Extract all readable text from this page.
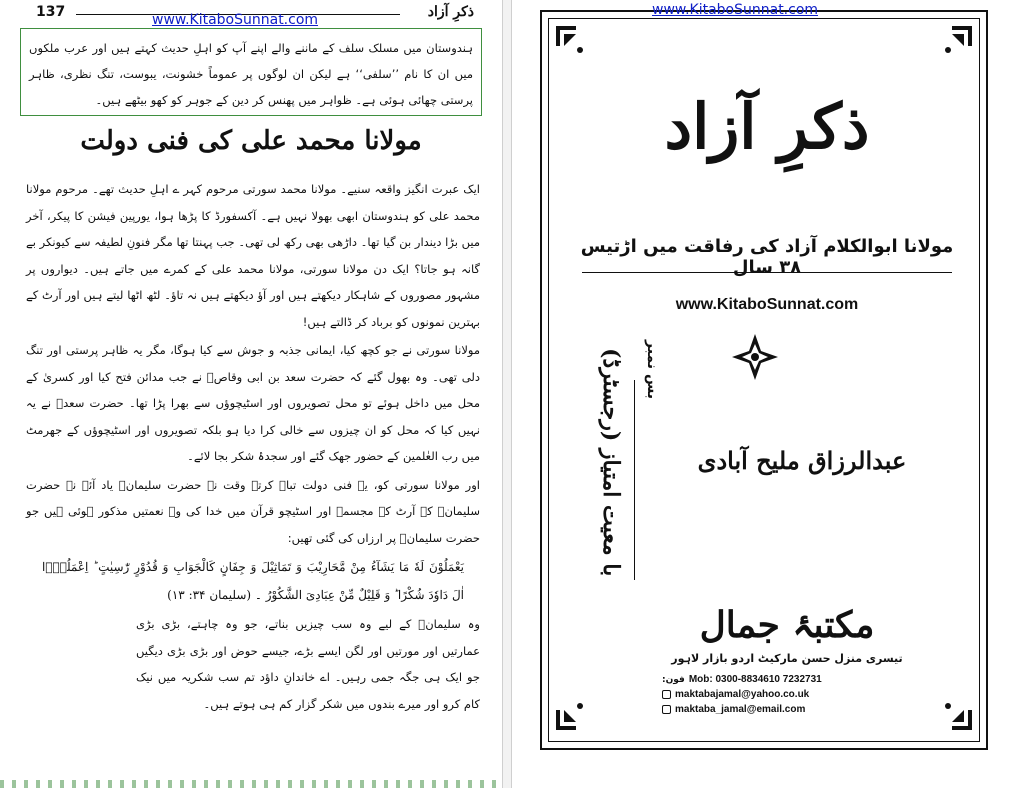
137	ذکرِ آزاد

ہندوستان میں مسلک سلف کے ماننے والے اپنے آپ کو اہلِ حدیث کہتے ہیں اور عرب ملکوں میں ان کا نام ’’سلفی‘‘ ہے لیکن ان لوگوں پر عموماً خشونت، یبوست، تنگ نظری، ظاہر پرستی چھائی ہوئی ہے۔ ظواہر میں پھنس کر دین کے جوہر کو کھو بیٹھے ہیں۔

مولانا محمد علی کی فنی دولت

ایک عبرت انگیز واقعہ سنیے۔ مولانا محمد سورتی مرحوم کہر ے اہلِ حدیث تھے۔ مرحوم مولانا محمد علی کو ہندوستان ابھی بھولا نہیں ہے۔ آکسفورڈ کا پڑھا ہوا، یورپین فیشن کا پیکر، آخر میں بڑا دیندار بن گیا تھا۔ داڑھی بھی رکھ لی تھی۔ جب پہنتا تھا مگر فنونِ لطیفہ سے کیونکر بے گانہ ہو جاتا؟ ایک دن مولانا سورتی، مولانا محمد علی کے کمرے میں جاتے ہیں۔ دیواروں پر مشہور مصوروں کے شاہکار دیکھتے ہیں اور آؤ دیکھتے ہیں نہ تاؤ۔ لٹھ اٹھا لیتے ہیں اور آرٹ کے بہترین نمونوں کو برباد کر ڈالتے ہیں!

مولانا سورتی نے جو کچھ کیا، ایمانی جذبہ و جوش سے کیا ہوگا، مگر یہ ظاہر پرستی اور تنگ دلی تھی۔ وہ بھول گئے کہ حضرت سعد بن ابی وقاصؓ نے جب مدائن فتح کیا اور کسریٰ کے محل میں داخل ہوئے تو محل تصویروں اور اسٹیچوؤں سے بھرا پڑا تھا۔ حضرت سعدؓ نے یہ نہیں کیا کہ محل کو ان چیزوں سے خالی کرا دیا ہو بلکہ تصویروں اور اسٹیچوؤں کے جھرمٹ میں رب العٰلمین کے حضور جھک گئے اور سجدۂ شکر بجا لائے۔

اور مولانا سورتی کو، یہ فنی دولت تباہ کرتے وقت نہ حضرت سلیمانؑ یاد آئے نہ حضرت سلیمانؑ کے آرٹ کے مجسمے اور اسٹیچو قرآن میں خدا کی وہ نعمتیں مذکور ہوئی ہیں جو حضرت سلیمانؑ پر ارزاں کی گئی تھیں:

یَعْمَلُوْنَ لَهٗ مَا یَشَآءُ مِنْ مَّحَارِیْبَ وَ تَمَاثِیْلَ وَ جِفَانٍ كَالْجَوَابِ وَ قُدُوْرٍ رّٰسِیٰتٍ ؕ اِعْمَلُوْۤا اٰلَ دَاوٗدَ شُكْرًا ؕ وَ قَلِیْلٌ مِّنْ عِبَادِیَ الشَّكُوْرُ ۔ (سلیمان ۳۴: ۱۳)

وہ سلیمانؑ کے لیے وہ سب چیزیں بناتے، جو وہ چاہتے، بڑی بڑی عمارتیں اور مورتیں اور لگن ایسے بڑے، جیسے حوض اور بڑی بڑی دیگیں جو ایک ہی جگہ جمی رہیں۔ اے خاندانِ داؤد تم سب شکریہ میں نیک کام کرو اور میرے بندوں میں شکر گزار کم ہی ہوتے ہیں۔

www.KitaboSunnat.com
ذکرِ آزاد
مولانا ابوالکلام آزاد کی رفاقت میں اڑتیس ۳۸ سال
www.KitaboSunnat.com
بس نمبر
با معیت امتیاز (رجسٹرڈ)	عبدالرزاق ملیح آبادی
مکتبۂ جمال
تیسری منزل حسن مارکیٹ اردو بازار لاہور
فون: Mob: 0300-8834610 7232731
maktabajamal@yahoo.co.uk
maktaba_jamal@email.com
www.KitaboSunnat.com
